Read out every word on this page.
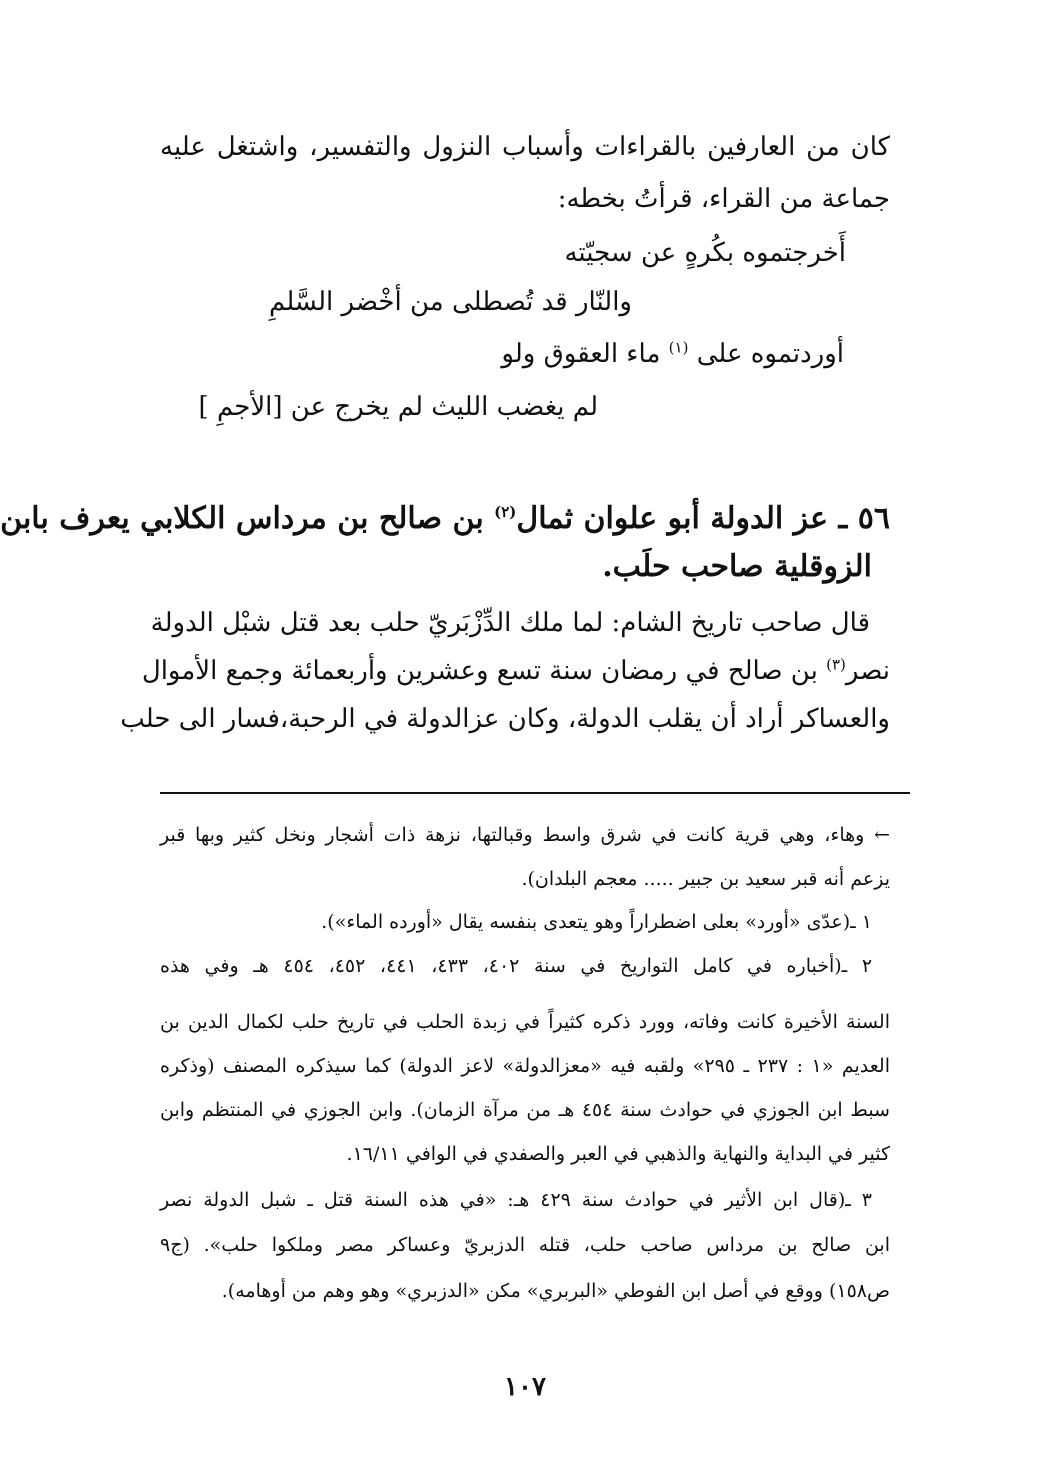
كان من العارفين بالقراءات وأسباب النزول والتفسير، واشتغل عليه
جماعة من القراء، قرأتُ بخطه:
أَخرجتموه بكُرهٍ عن سجيّته
والنّار قد تُصطلى من أخْضر السَّلمِ
أوردتموه على $^{(١)}$ ماء العقوق ولو
لم يغضب الليث لم يخرج عن [الأجمِ ]
٥٦ ـ عز الدولة أبو علوان ثمال$^{(٢)}$ بن صالح بن مرداس الكلابي يعرف بابن
الزوقلية صاحب حلَب.
قال صاحب تاريخ الشام: لما ملك الدِّزْبَريّ حلب بعد قتل شبْل الدولة
نصر$^{(٣)}$ بن صالح في رمضان سنة تسع وعشرين وأربعمائة وجمع الأموال
والعساكر أراد أن يقلب الدولة، وكان عزالدولة في الرحبة،فسار الى حلب
← وهاء، وهي قرية كانت في شرق واسط وقبالتها، نزهة ذات أشجار ونخل كثير وبها قبر
يزعم أنه قبر سعيد بن جبير ..... معجم البلدان).
١ ـ(عدّى «أورد» بعلى اضطراراً وهو يتعدى بنفسه يقال «أورده الماء»).
٢ ـ(أخباره في كامل التواريخ في سنة ٤٠٢، ٤٣٣، ٤٤١، ٤٥٢، ٤٥٤ هـ وفي هذه
السنة الأخيرة كانت وفاته، وورد ذكره كثيراً في زبدة الحلب في تاريخ حلب لكمال الدين بن
العديم «١ : ٢٣٧ ـ ٢٩٥» ولقبه فيه «معزالدولة» لاعز الدولة) كما سيذكره المصنف (وذكره
سبط ابن الجوزي في حوادث سنة ٤٥٤ هـ من مرآة الزمان). وابن الجوزي في المنتظم وابن
كثير في البداية والنهاية والذهبي في العبر والصفدي في الوافي ١٦/١١.
٣ ـ(قال ابن الأثير في حوادث سنة ٤٢٩ هـ: «في هذه السنة قتل ـ شبل الدولة نصر
ابن صالح بن مرداس صاحب حلب، قتله الدزبريّ وعساكر مصر وملكوا حلب». (ج٩
ص١٥٨) ووقع في أصل ابن الفوطي «البربري» مكن «الدزبري» وهو وهم من أوهامه).
١٠٧
